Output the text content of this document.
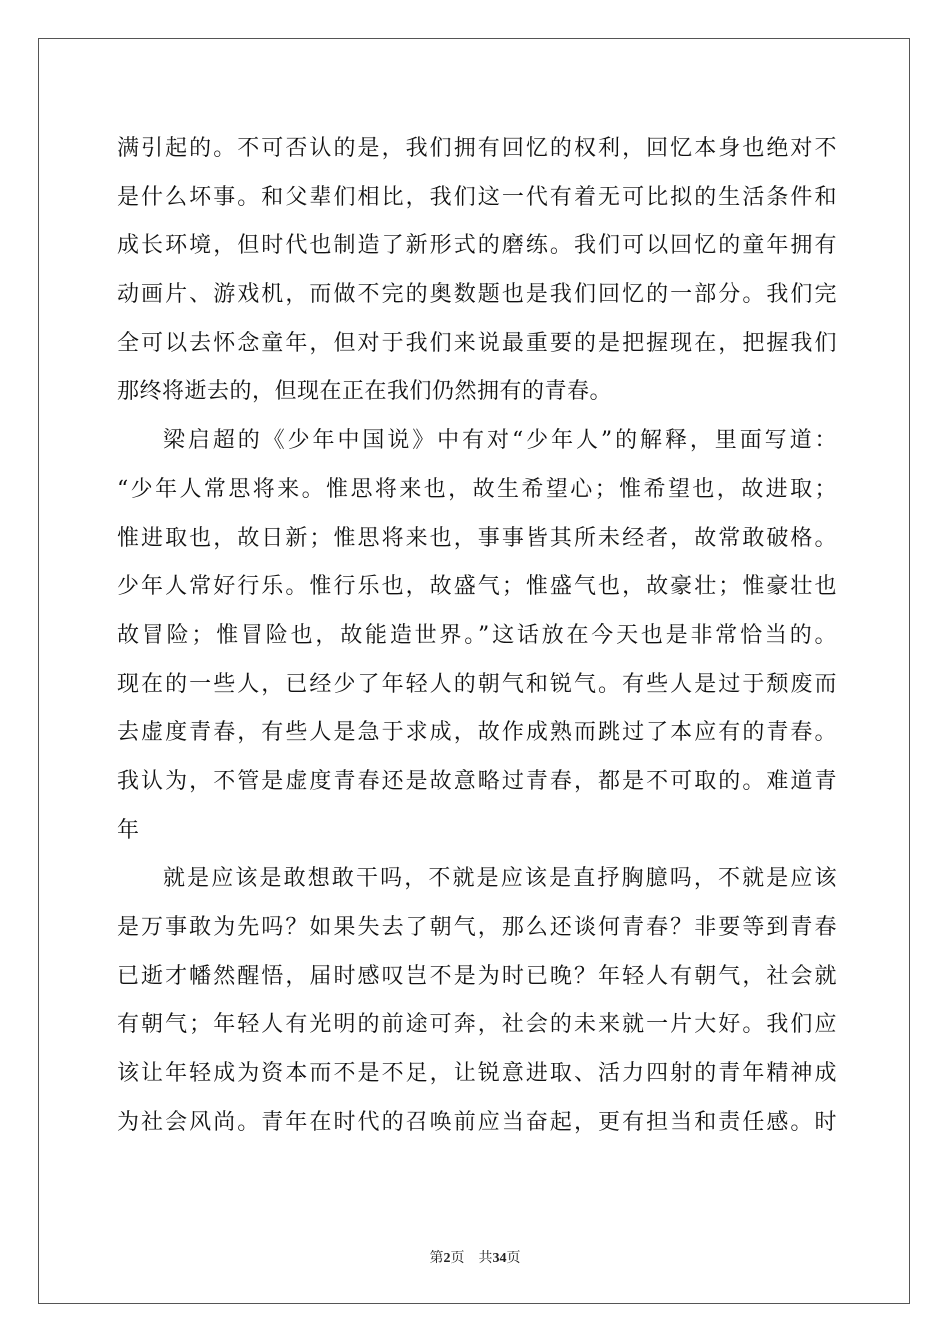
满引起的。不可否认的是，我们拥有回忆的权利，回忆本身也绝对不
是什么坏事。和父辈们相比，我们这一代有着无可比拟的生活条件和
成长环境，但时代也制造了新形式的磨练。我们可以回忆的童年拥有
动画片、游戏机，而做不完的奥数题也是我们回忆的一部分。我们完
全可以去怀念童年，但对于我们来说最重要的是把握现在，把握我们
那终将逝去的，但现在正在我们仍然拥有的青春。
梁启超的《少年中国说》中有对“少年人”的解释，里面写道：
“少年人常思将来。惟思将来也，故生希望心；惟希望也，故进取；
惟进取也，故日新；惟思将来也，事事皆其所未经者，故常敢破格。
少年人常好行乐。惟行乐也，故盛气；惟盛气也，故豪壮；惟豪壮也
故冒险；惟冒险也，故能造世界。”这话放在今天也是非常恰当的。
现在的一些人，已经少了年轻人的朝气和锐气。有些人是过于颓废而
去虚度青春，有些人是急于求成，故作成熟而跳过了本应有的青春。
我认为，不管是虚度青春还是故意略过青春，都是不可取的。难道青
年
就是应该是敢想敢干吗，不就是应该是直抒胸臆吗，不就是应该
是万事敢为先吗？如果失去了朝气，那么还谈何青春？非要等到青春
已逝才幡然醒悟，届时感叹岂不是为时已晚？年轻人有朝气，社会就
有朝气；年轻人有光明的前途可奔，社会的未来就一片大好。我们应
该让年轻成为资本而不是不足，让锐意进取、活力四射的青年精神成
为社会风尚。青年在时代的召唤前应当奋起，更有担当和责任感。时
第2页 共34页
